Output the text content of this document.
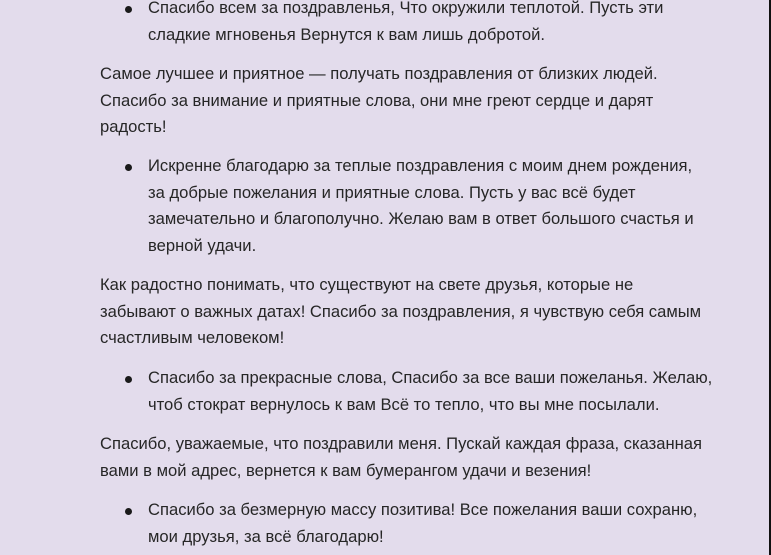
Спасибо всем за поздравленья, Что окружили теплотой. Пусть эти
сладкие мгновенья Вернутся к вам лишь добротой.
Самое лучшее и приятное — получать поздравления от близких людей.
Спасибо за внимание и приятные слова, они мне греют сердце и дарят
радость!
Искренне благодарю за теплые поздравления с моим днем рождения,
за добрые пожелания и приятные слова. Пусть у вас всё будет
замечательно и благополучно. Желаю вам в ответ большого счастья и
верной удачи.
Как радостно понимать, что существуют на свете друзья, которые не
забывают о важных датах! Спасибо за поздравления, я чувствую себя самым
счастливым человеком!
Спасибо за прекрасные слова, Спасибо за все ваши пожеланья. Желаю,
чтоб стократ вернулось к вам Всё то тепло, что вы мне посылали.
Спасибо, уважаемые, что поздравили меня. Пускай каждая фраза, сказанная
вами в мой адрес, вернется к вам бумерангом удачи и везения!
Спасибо за безмерную массу позитива! Все пожелания ваши сохраню,
мои друзья, за всё благодарю!
